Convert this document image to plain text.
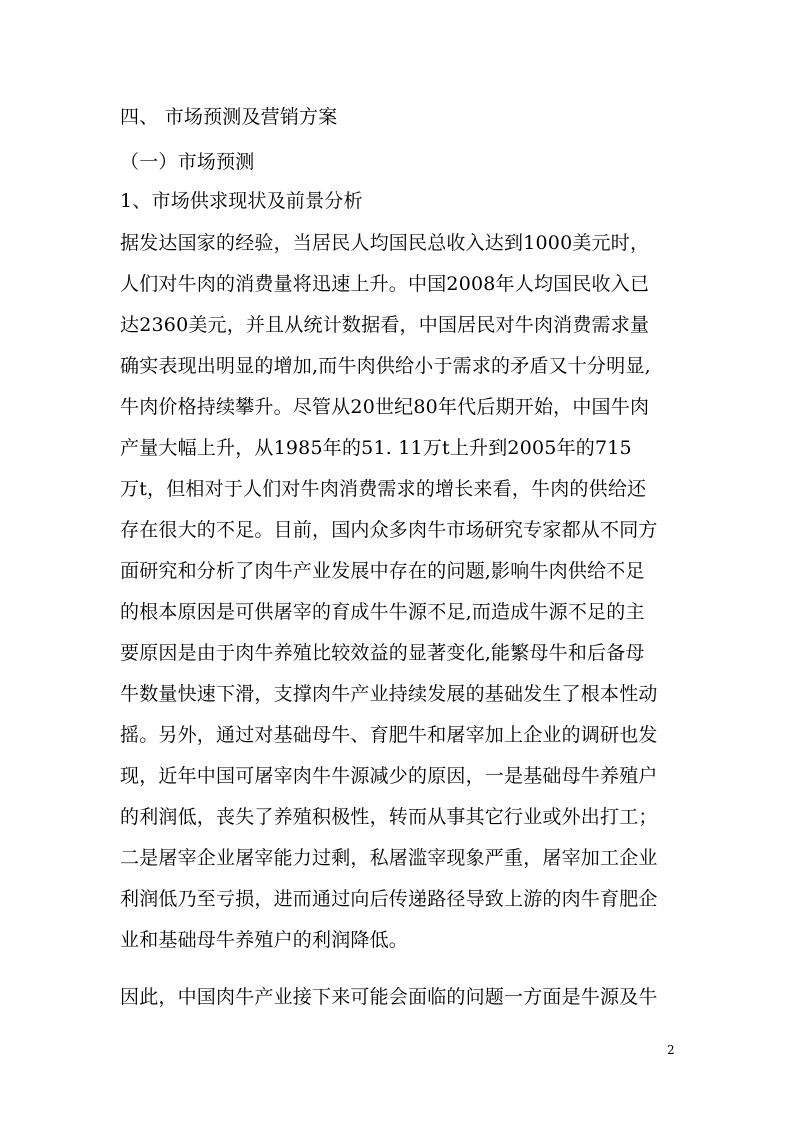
四、 市场预测及营销方案
（一）市场预测
1、市场供求现状及前景分析
据发达国家的经验，当居民人均国民总收入达到1000美元时，
人们对牛肉的消费量将迅速上升。中国2008年人均国民收入已
达2360美元，并且从统计数据看，中国居民对牛肉消费需求量
确实表现出明显的增加,而牛肉供给小于需求的矛盾又十分明显,
牛肉价格持续攀升。尽管从20世纪80年代后期开始，中国牛肉
产量大幅上升，从1985年的51. 11万t上升到2005年的715
万t，但相对于人们对牛肉消费需求的增长来看，牛肉的供给还
存在很大的不足。目前，国内众多肉牛市场研究专家都从不同方
面研究和分析了肉牛产业发展中存在的问题,影响牛肉供给不足
的根本原因是可供屠宰的育成牛牛源不足,而造成牛源不足的主
要原因是由于肉牛养殖比较效益的显著变化,能繁母牛和后备母
牛数量快速下滑，支撑肉牛产业持续发展的基础发生了根本性动
摇。另外，通过对基础母牛、育肥牛和屠宰加上企业的调研也发
现，近年中国可屠宰肉牛牛源减少的原因，一是基础母牛养殖户
的利润低，丧失了养殖积极性，转而从事其它行业或外出打工；
二是屠宰企业屠宰能力过剩，私屠滥宰现象严重，屠宰加工企业
利润低乃至亏损，进而通过向后传递路径导致上游的肉牛育肥企
业和基础母牛养殖户的利润降低。
因此，中国肉牛产业接下来可能会面临的问题一方面是牛源及牛
2
